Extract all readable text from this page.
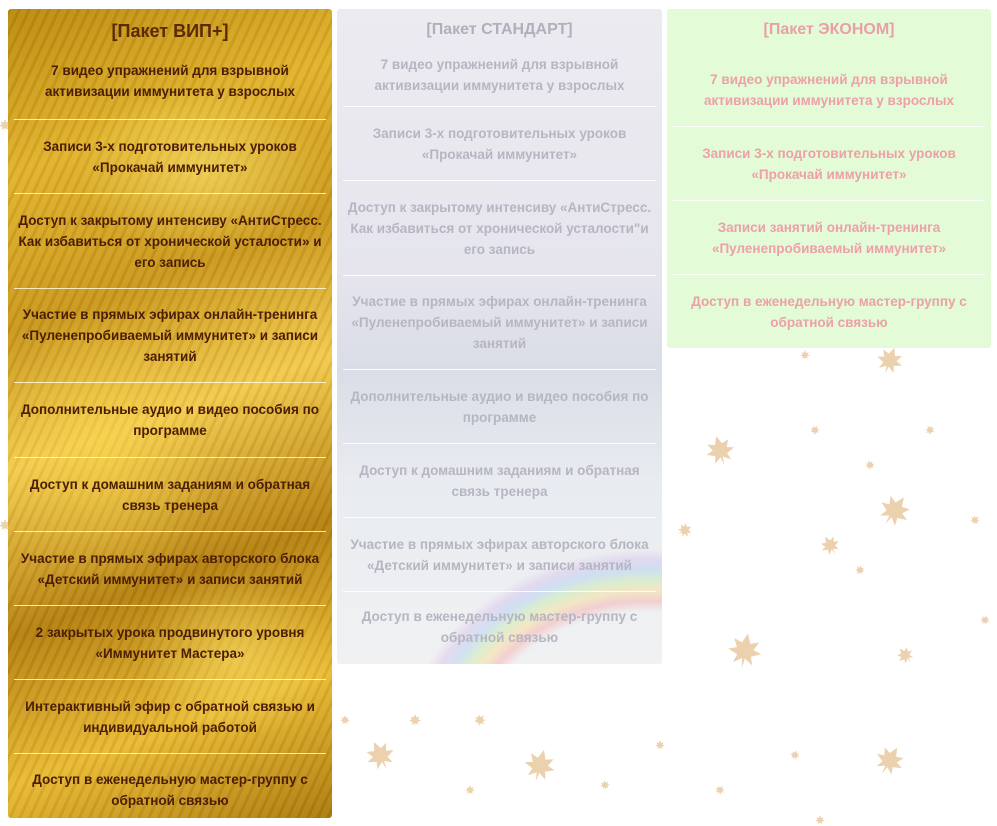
[Пакет ВИП+]
7 видео упражнений для взрывной активизации иммунитета у взрослых
Записи 3-х подготовительных уроков «Прокачай иммунитет»
Доступ к закрытому интенсиву «АнтиСтресс. Как избавиться от хронической усталости» и его запись
Участие в прямых эфирах онлайн-тренинга «Пуленепробиваемый иммунитет» и записи занятий
Дополнительные аудио и видео пособия по программе
Доступ к домашним заданиям и обратная связь тренера
Участие в прямых эфирах авторского блока «Детский иммунитет» и записи занятий
2 закрытых урока продвинутого уровня «Иммунитет Мастера»
Интерактивный эфир с обратной связью и индивидуальной работой
Доступ в еженедельную мастер-группу с обратной связью
[Пакет СТАНДАРТ]
7 видео упражнений для взрывной активизации иммунитета у взрослых
Записи 3-х подготовительных уроков «Прокачай иммунитет»
Доступ к закрытому интенсиву «АнтиСтресс. Как избавиться от хронической усталости"и его запись
Участие в прямых эфирах онлайн-тренинга «Пуленепробиваемый иммунитет» и записи занятий
Дополнительные аудио и видео пособия по программе
Доступ к домашним заданиям и обратная связь тренера
Участие в прямых эфирах авторского блока «Детский иммунитет» и записи занятий
Доступ в еженедельную мастер-группу с обратной связью
[Пакет ЭКОНОМ]
7 видео упражнений для взрывной активизации иммунитета у взрослых
Записи 3-х подготовительных уроков «Прокачай иммунитет»
Записи занятий онлайн-тренинга «Пуленепробиваемый иммунитет»
Доступ в еженедельную мастер-группу с обратной связью
